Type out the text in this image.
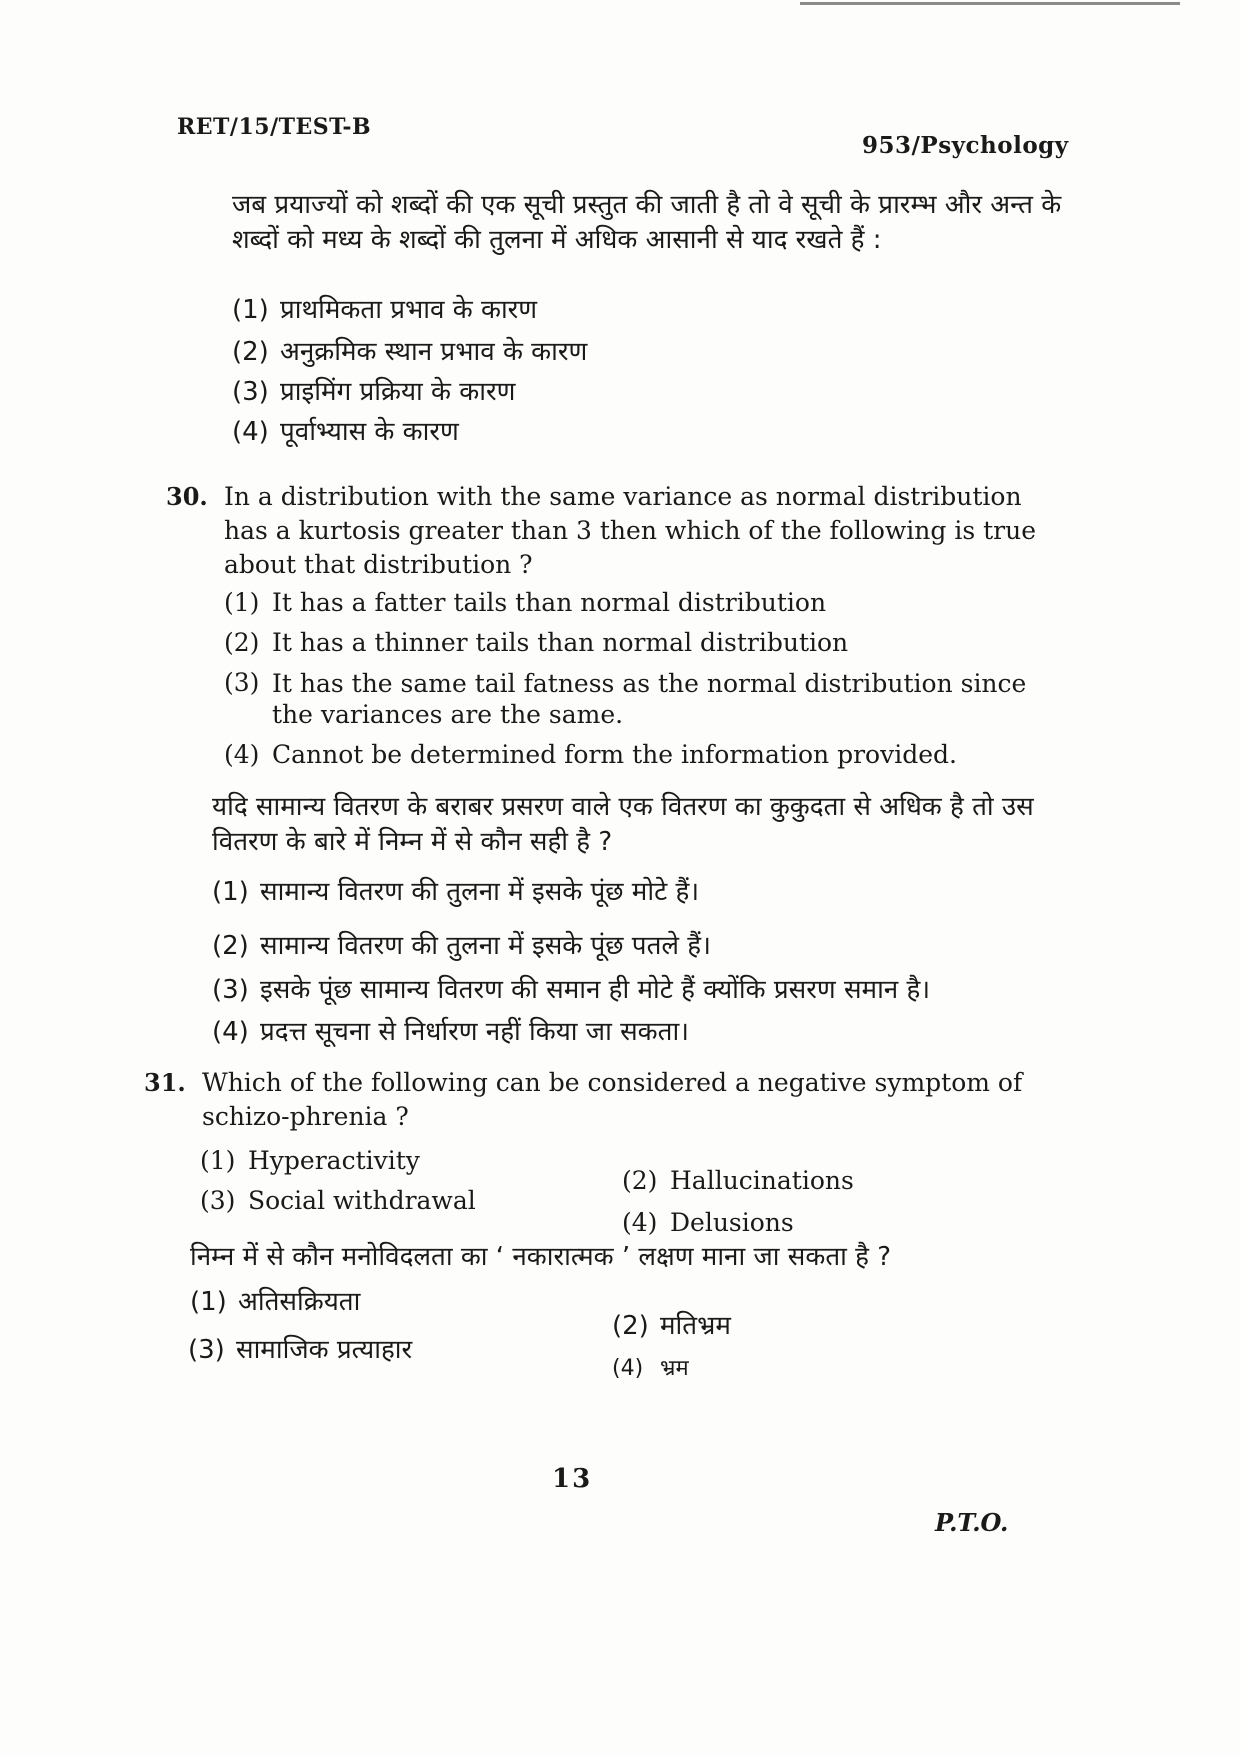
RET/15/TEST-B
953/Psychology
जब प्रयाज्यों को शब्दों की एक सूची प्रस्तुत की जाती है तो वे सूची के प्रारम्भ और अन्त के शब्दों को मध्य के शब्दों की तुलना में अधिक आसानी से याद रखते हैं :
(1) प्राथमिकता प्रभाव के कारण
(2) अनुक्रमिक स्थान प्रभाव के कारण
(3) प्राइमिंग प्रक्रिया के कारण
(4) पूर्वाभ्यास के कारण
30. In a distribution with the same variance as normal distribution has a kurtosis greater than 3 then which of the following is true about that distribution ?
(1) It has a fatter tails than normal distribution
(2) It has a thinner tails than normal distribution
(3) It has the same tail fatness as the normal distribution since the variances are the same.
(4) Cannot be determined form the information provided.
यदि सामान्य वितरण के बराबर प्रसरण वाले एक वितरण का कुकुदता से अधिक है तो उस वितरण के बारे में निम्न में से कौन सही है ?
(1) सामान्य वितरण की तुलना में इसके पूंछ मोटे हैं।
(2) सामान्य वितरण की तुलना में इसके पूंछ पतले हैं।
(3) इसके पूंछ सामान्य वितरण की समान ही मोटे हैं क्योंकि प्रसरण समान है।
(4) प्रदत्त सूचना से निर्धारण नहीं किया जा सकता।
31. Which of the following can be considered a negative symptom of schizo-phrenia ?
(1) Hyperactivity
(3) Social withdrawal
(2) Hallucinations
(4) Delusions
निम्न में से कौन मनोविदलता का ‘ नकारात्मक ’ लक्षण माना जा सकता है ?
(1) अतिसक्रियता
(3) सामाजिक प्रत्याहार
(2) मतिभ्रम
(4) भ्रम
13
P.T.O.
